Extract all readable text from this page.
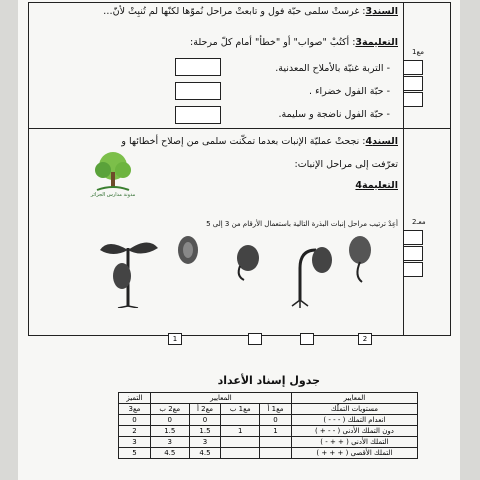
السند3: غرستْ سلمى حبّة فول و تابعتْ مراحل نُموّها لكنّها لم تُنبِتْ لأنّ…
التعليمة3: أكتُبْ "صواب" أو "خطأ" أمام كلّ مرحلة:
- التربة غنيّة بالأملاح المعدنية.
- حبّة الفول خضراء .
- حبّة الفول ناضجة و سليمة.
مع1
السند4: نجحتْ عمليّة الإنبات بعدما تمكّنت سلمى من إصلاح أخطائها و
تعرّفت إلى مراحل الإنبات:
التعليمة4
أعِدْ ترتيب مراحل إنبات البذرة التالية باستعمال الأرقام من 3 إلى 5
مدونة مدارس الجزائر
معـ2
1	2
جدول إسناد الأعداد
التميز	المعايير				المعايير
مع3	مع2 ب	مع2 أ	مع1 ب	مع1 أ	مستويات التملّك
0	0	0		0	انعدام التملك ( - - - )
2	1.5	1.5	1	1	دون التملك الأدنى ( - - + )
3	3	3			التملك الأدنى ( + + - )
5	4.5	4.5			التملك الأقصى ( + + + )
